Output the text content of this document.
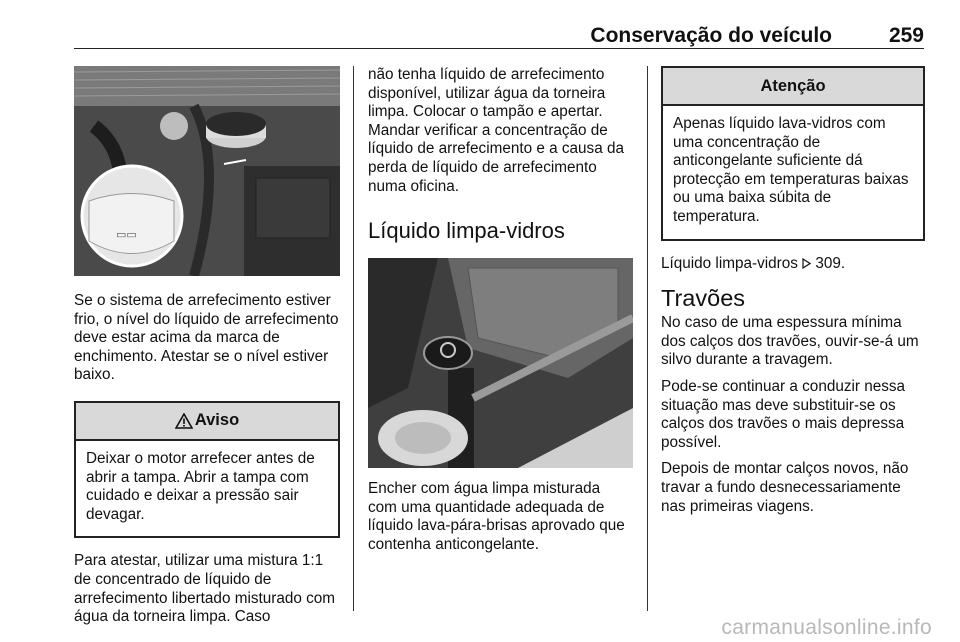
Conservação do veículo	259
▭▭

Se o sistema de arrefecimento estiver frio, o nível do líquido de arrefecimento deve estar acima da marca de enchimento. Atestar se o nível estiver baixo.

Aviso
Deixar o motor arrefecer antes de abrir a tampa. Abrir a tampa com cuidado e deixar a pressão sair devagar.

Para atestar, utilizar uma mistura 1:1 de concentrado de líquido de arrefecimento libertado misturado com água da torneira limpa. Caso

não tenha líquido de arrefecimento disponível, utilizar água da torneira limpa. Colocar o tampão e apertar. Mandar verificar a concentração de líquido de arrefecimento e a causa da perda de líquido de arrefecimento numa oficina.

Líquido limpa-vidros

Encher com água limpa misturada com uma quantidade adequada de líquido lava-pára-brisas aprovado que contenha anticongelante.

Atenção
Apenas líquido lava-vidros com uma concentração de anticongelante suficiente dá protecção em temperaturas baixas ou uma baixa súbita de temperatura.

Líquido limpa-vidros  309.

Travões

No caso de uma espessura mínima dos calços dos travões, ouvir-se-á um silvo durante a travagem.

Pode-se continuar a conduzir nessa situação mas deve substituir-se os calços dos travões o mais depressa possível.

Depois de montar calços novos, não travar a fundo desnecessariamente nas primeiras viagens.

carmanualsonline.info
